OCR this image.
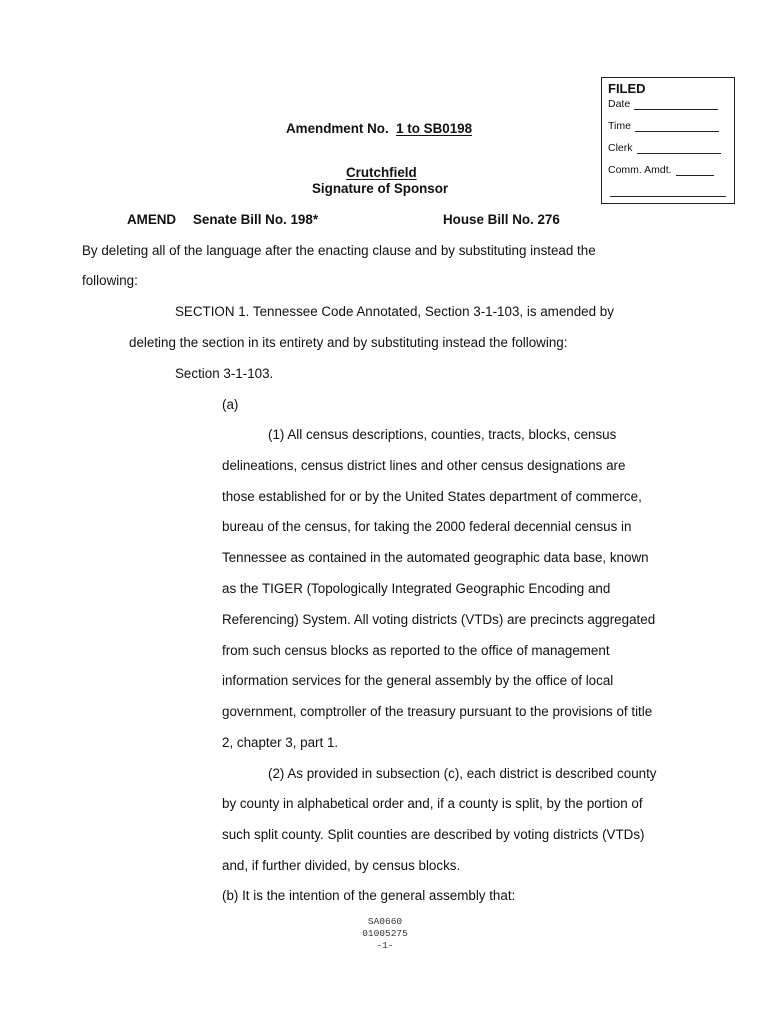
FILED
Date
Time
Clerk
Comm. Amdt.
Amendment No. 1 to SB0198
Crutchfield
Signature of Sponsor
AMEND Senate Bill No. 198*	House Bill No. 276
By deleting all of the language after the enacting clause and by substituting instead the
following:
SECTION 1. Tennessee Code Annotated, Section 3-1-103, is amended by
deleting the section in its entirety and by substituting instead the following:
Section 3-1-103.
(a)
(1) All census descriptions, counties, tracts, blocks, census
delineations, census district lines and other census designations are
those established for or by the United States department of commerce,
bureau of the census, for taking the 2000 federal decennial census in
Tennessee as contained in the automated geographic data base, known
as the TIGER (Topologically Integrated Geographic Encoding and
Referencing) System. All voting districts (VTDs) are precincts aggregated
from such census blocks as reported to the office of management
information services for the general assembly by the office of local
government, comptroller of the treasury pursuant to the provisions of title
2, chapter 3, part 1.
(2) As provided in subsection (c), each district is described county
by county in alphabetical order and, if a county is split, by the portion of
such split county. Split counties are described by voting districts (VTDs)
and, if further divided, by census blocks.
(b) It is the intention of the general assembly that:
SA0660
01005275
-1-
